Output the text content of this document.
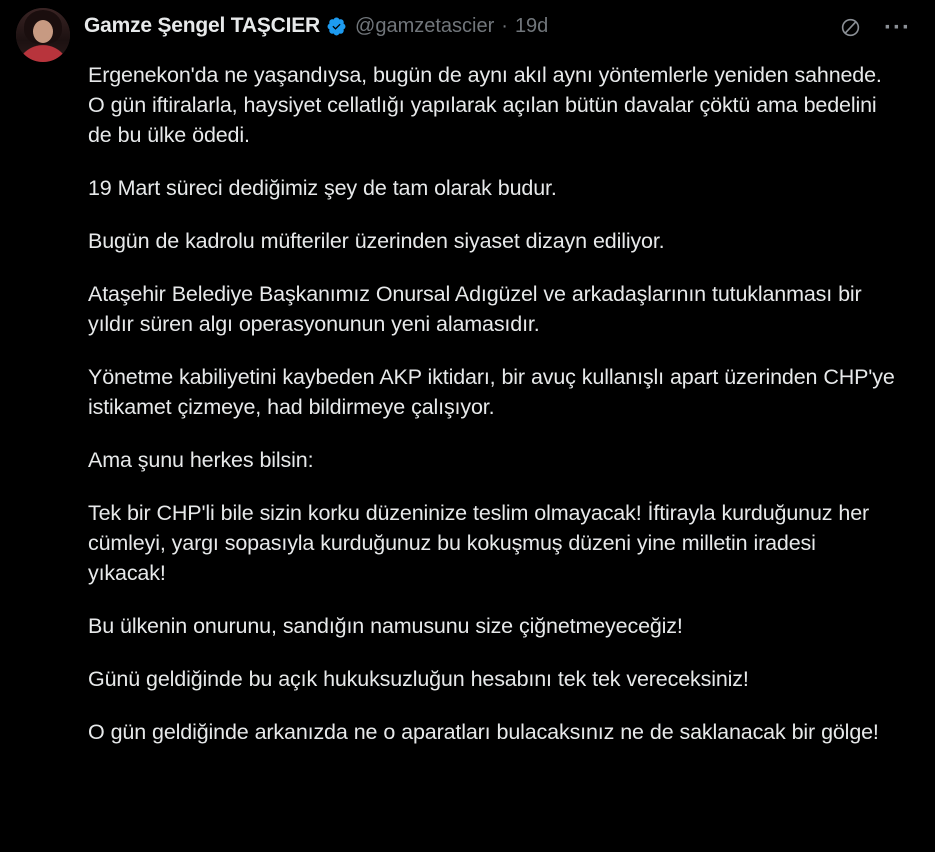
Gamze Şengel TAŞCIER @gamzetascier · 19d	···

Ergenekon'da ne yaşandıysa, bugün de aynı akıl aynı yöntemlerle yeniden sahnede. O gün iftiralarla, haysiyet cellatlığı yapılarak açılan bütün davalar çöktü ama bedelini de bu ülke ödedi.

19 Mart süreci dediğimiz şey de tam olarak budur.

Bugün de kadrolu müfteriler üzerinden siyaset dizayn ediliyor.

Ataşehir Belediye Başkanımız Onursal Adıgüzel ve arkadaşlarının tutuklanması bir yıldır süren algı operasyonunun yeni alamasıdır.

Yönetme kabiliyetini kaybeden AKP iktidarı, bir avuç kullanışlı apart üzerinden CHP'ye istikamet çizmeye, had bildirmeye çalışıyor.

Ama şunu herkes bilsin:

Tek bir CHP'li bile sizin korku düzeninize teslim olmayacak! İftirayla kurduğunuz her cümleyi, yargı sopasıyla kurduğunuz bu kokuşmuş düzeni yine milletin iradesi yıkacak!

Bu ülkenin onurunu, sandığın namusunu size çiğnetmeyeceğiz!

Günü geldiğinde bu açık hukuksuzluğun hesabını tek tek vereceksiniz!

O gün geldiğinde arkanızda ne o aparatları bulacaksınız ne de saklanacak bir gölge!
